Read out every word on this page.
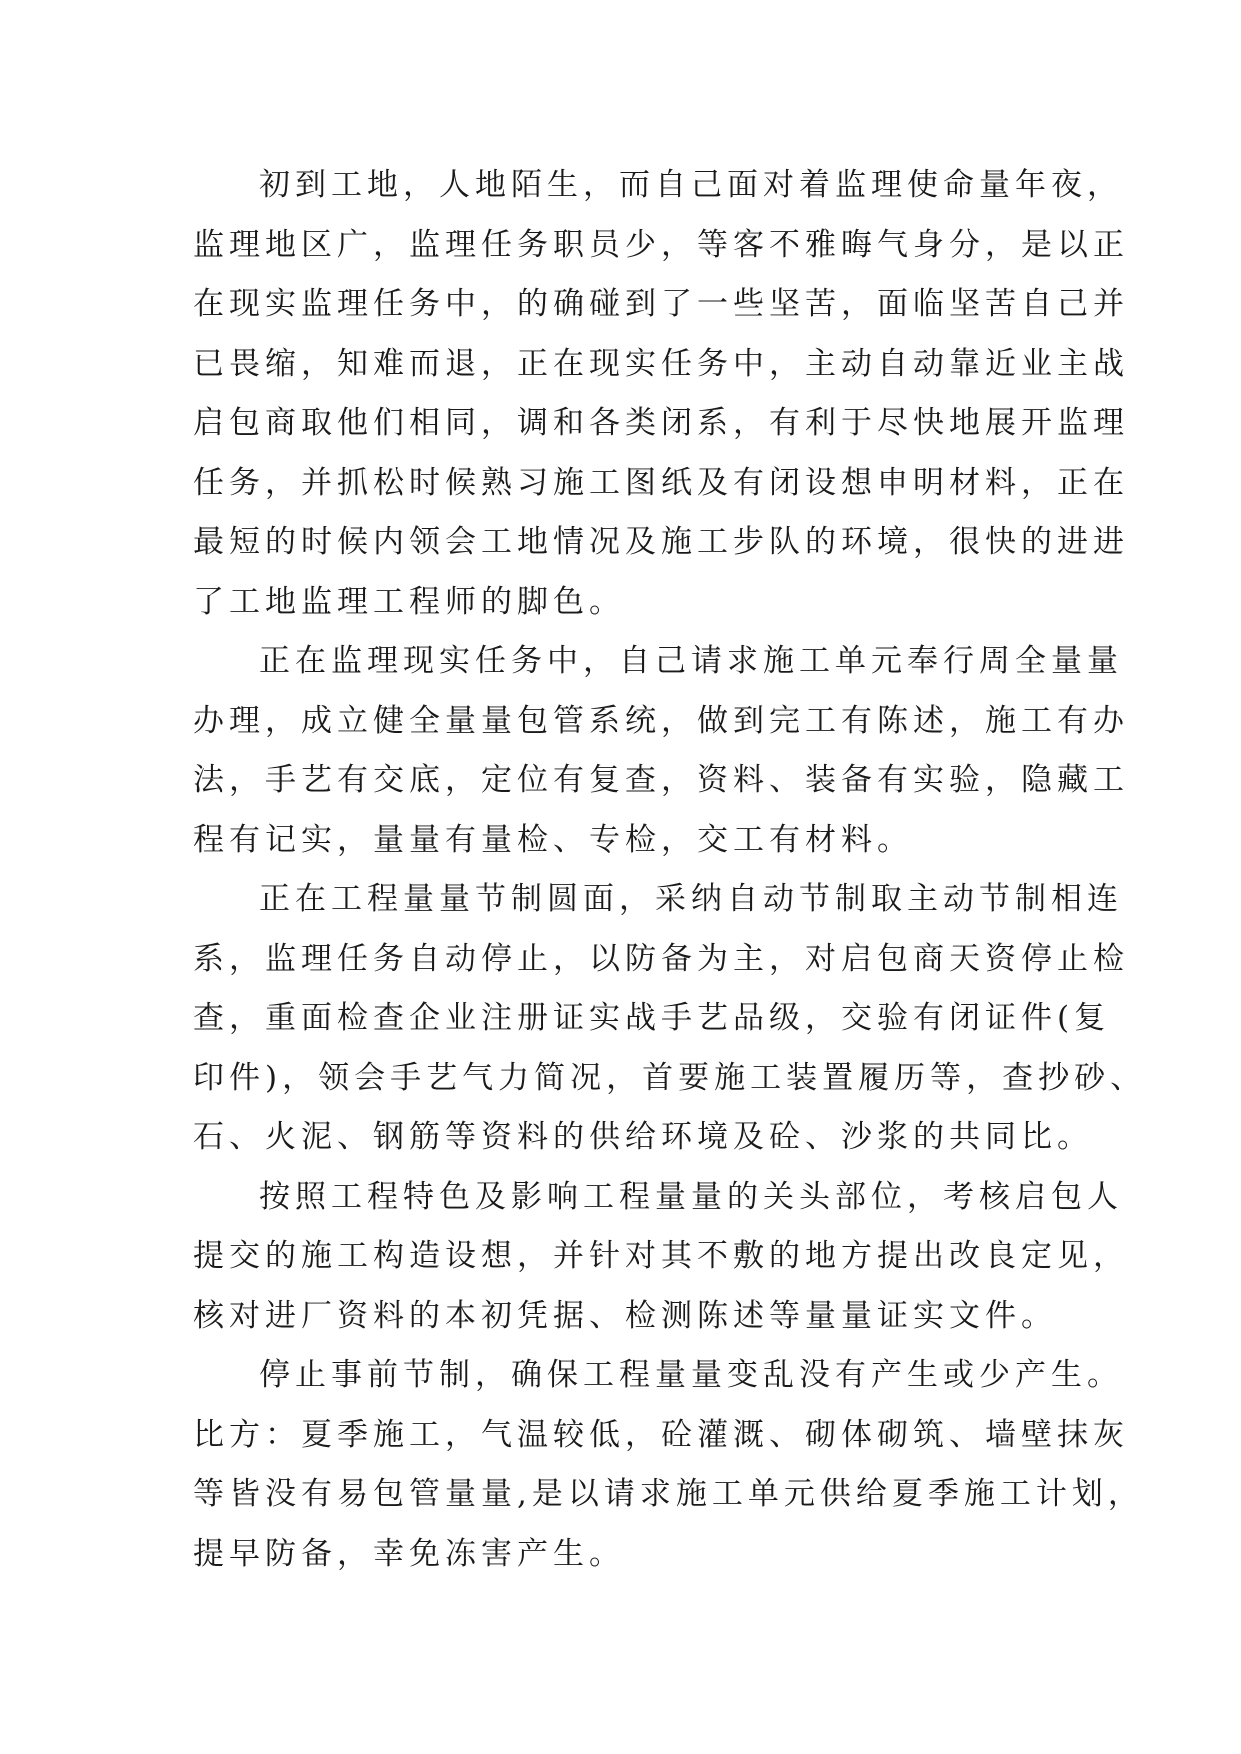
初到工地，人地陌生，而自己面对着监理使命量年夜，
监理地区广，监理任务职员少，等客不雅晦气身分，是以正
在现实监理任务中，的确碰到了一些坚苦，面临坚苦自己并
已畏缩，知难而退，正在现实任务中，主动自动靠近业主战
启包商取他们相同，调和各类闭系，有利于尽快地展开监理
任务，并抓松时候熟习施工图纸及有闭设想申明材料，正在
最短的时候内领会工地情况及施工步队的环境，很快的进进
了工地监理工程师的脚色。

正在监理现实任务中，自己请求施工单元奉行周全量量
办理，成立健全量量包管系统，做到完工有陈述，施工有办
法，手艺有交底，定位有复查，资料、装备有实验，隐藏工
程有记实，量量有量检、专检，交工有材料。

正在工程量量节制圆面，采纳自动节制取主动节制相连
系，监理任务自动停止，以防备为主，对启包商天资停止检
查，重面检查企业注册证实战手艺品级，交验有闭证件(复
印件)，领会手艺气力简况，首要施工装置履历等，查抄砂、
石、火泥、钢筋等资料的供给环境及砼、沙浆的共同比。

按照工程特色及影响工程量量的关头部位，考核启包人
提交的施工构造设想，并针对其不敷的地方提出改良定见，
核对进厂资料的本初凭据、检测陈述等量量证实文件。

停止事前节制，确保工程量量变乱没有产生或少产生。
比方：夏季施工，气温较低，砼灌溉、砌体砌筑、墙壁抹灰
等皆没有易包管量量,是以请求施工单元供给夏季施工计划，
提早防备，幸免冻害产生。
